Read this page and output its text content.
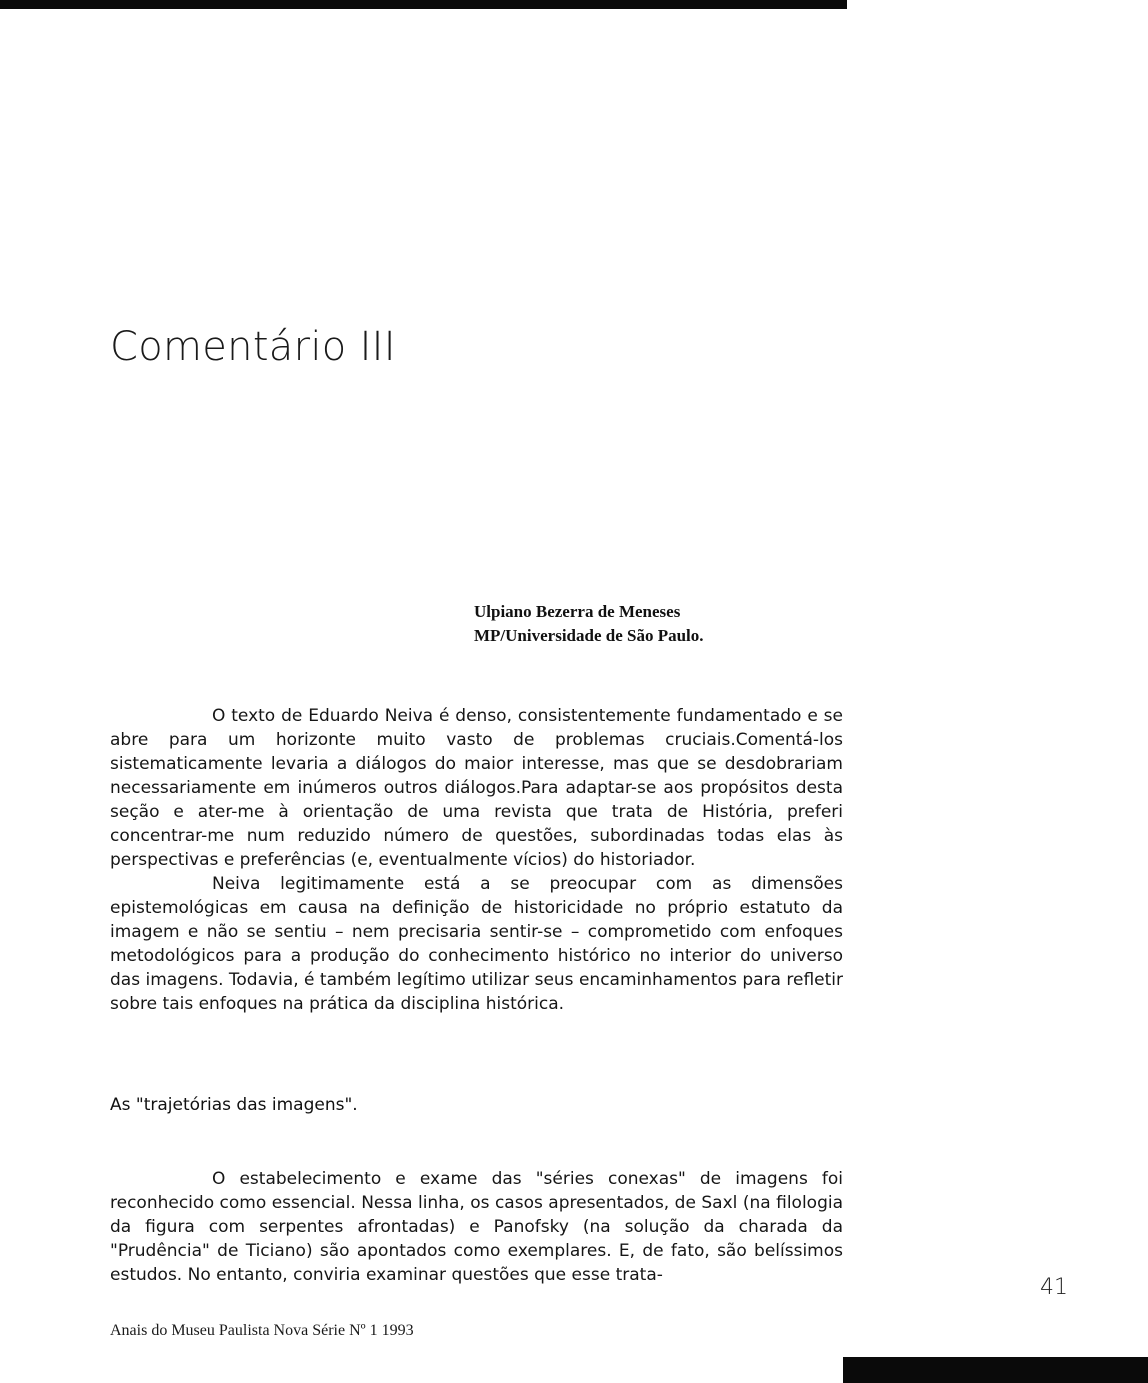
Comentário III
Ulpiano Bezerra de Meneses
MP/Universidade de São Paulo.

O texto de Eduardo Neiva é denso, consistentemente fundamentado e se abre para um horizonte muito vasto de problemas cruciais.Comentá-los sistematicamente levaria a diálogos do maior interesse, mas que se desdobrariam necessariamente em inúmeros outros diálogos.Para adaptar-se aos propósitos desta seção e ater-me à orientação de uma revista que trata de História, preferi concentrar-me num reduzido número de questões, subordinadas todas elas às perspectivas e preferências (e, eventualmente vícios) do historiador.

Neiva legitimamente está a se preocupar com as dimensões epistemológicas em causa na definição de historicidade no próprio estatuto da imagem e não se sentiu – nem precisaria sentir-se – comprometido com enfoques metodológicos para a produção do conhecimento histórico no interior do universo das imagens. Todavia, é também legítimo utilizar seus encaminhamentos para refletir sobre tais enfoques na prática da disciplina histórica.

As "trajetórias das imagens".

O estabelecimento e exame das "séries conexas" de imagens foi reconhecido como essencial. Nessa linha, os casos apresentados, de Saxl (na filologia da figura com serpentes afrontadas) e Panofsky (na solução da charada da "Prudência" de Ticiano) são apontados como exemplares. E, de fato, são belíssimos estudos. No entanto, conviria examinar questões que esse trata-	41
Anais do Museu Paulista Nova Série Nº 1 1993
